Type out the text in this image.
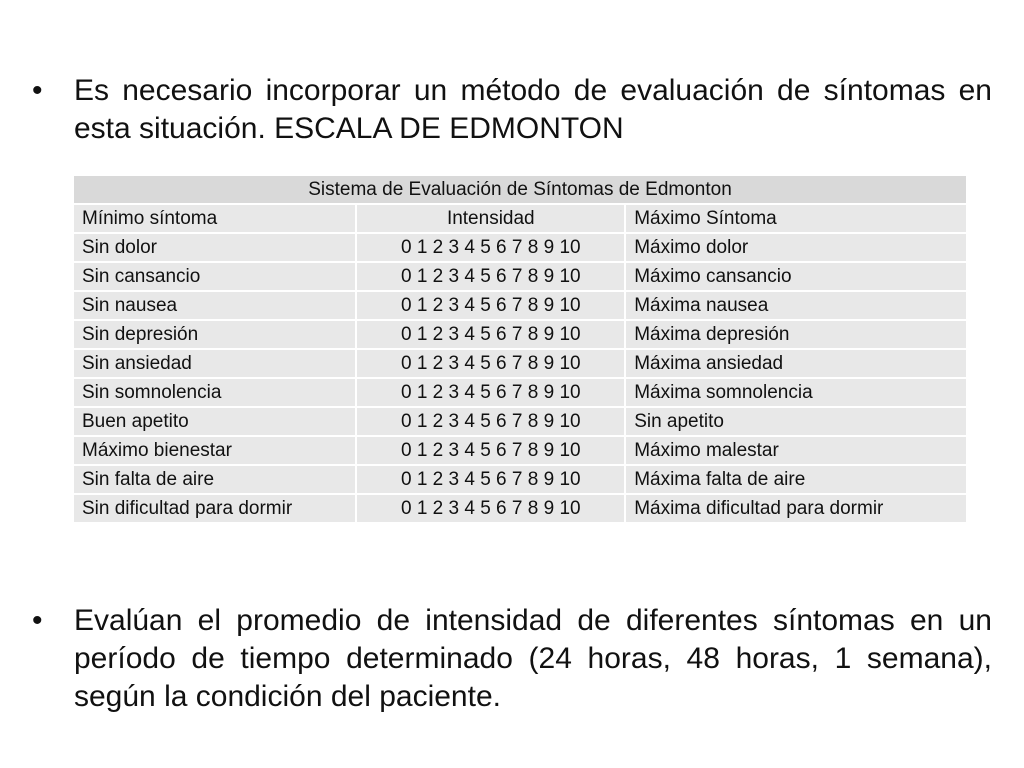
•	Es necesario incorporar un método de evaluación de síntomas en esta situación. ESCALA DE EDMONTON
Sistema de Evaluación de Síntomas de Edmonton		
Mínimo síntoma	Intensidad	Máximo Síntoma
Sin dolor	0 1 2 3 4 5 6 7 8 9 10	Máximo dolor
Sin cansancio	0 1 2 3 4 5 6 7 8 9 10	Máximo cansancio
Sin nausea	0 1 2 3 4 5 6 7 8 9 10	Máxima nausea
Sin depresión	0 1 2 3 4 5 6 7 8 9 10	Máxima depresión
Sin ansiedad	0 1 2 3 4 5 6 7 8 9 10	Máxima ansiedad
Sin somnolencia	0 1 2 3 4 5 6 7 8 9 10	Máxima somnolencia
Buen apetito	0 1 2 3 4 5 6 7 8 9 10	Sin apetito
Máximo bienestar	0 1 2 3 4 5 6 7 8 9 10	Máximo malestar
Sin falta de aire	0 1 2 3 4 5 6 7 8 9 10	Máxima falta de aire
Sin dificultad para dormir	0 1 2 3 4 5 6 7 8 9 10	Máxima dificultad para dormir
•	Evalúan el promedio de intensidad de diferentes síntomas en un período de tiempo determinado (24 horas, 48 horas, 1 semana), según la condición del paciente.
